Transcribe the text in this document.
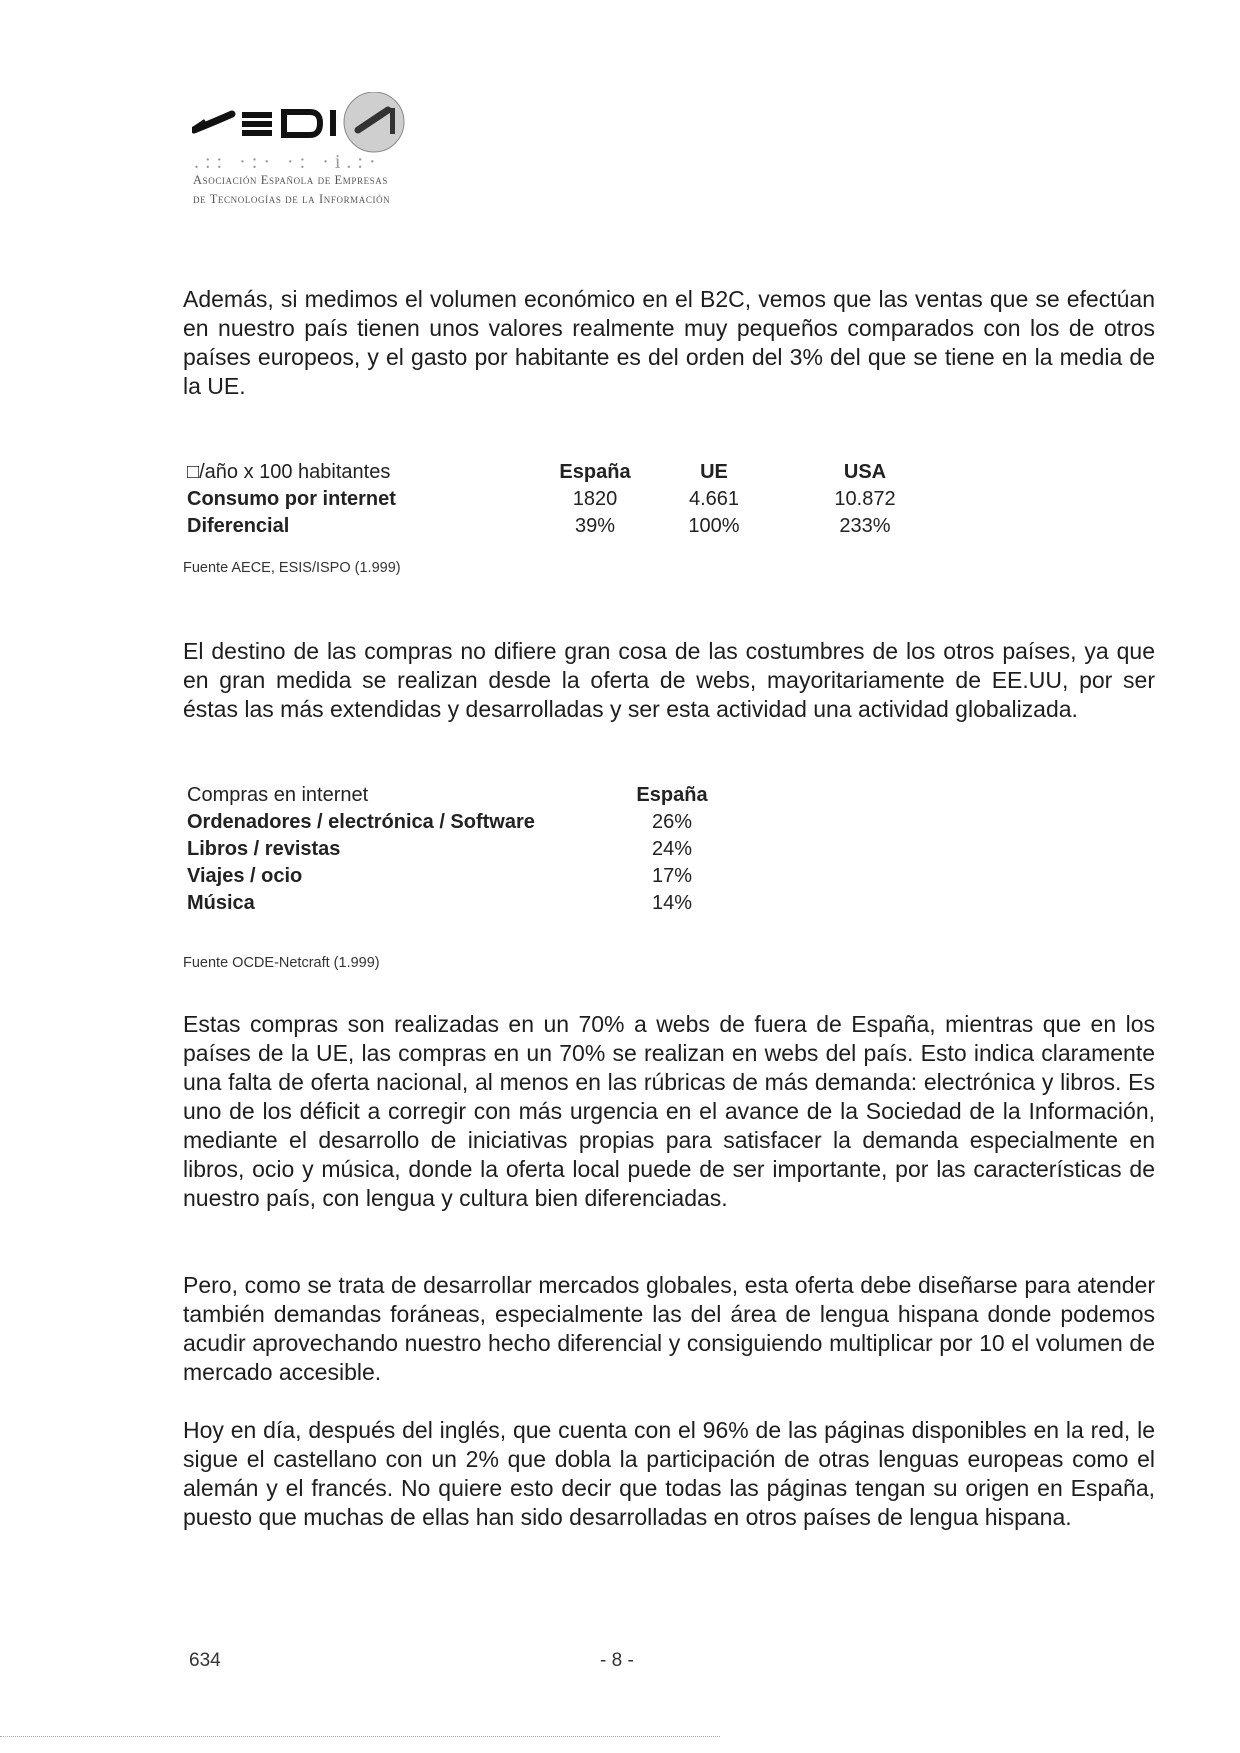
.:: ·:· ·: ·i.:·
Asociación Española de Empresas
de Tecnologías de la Información

Además, si medimos el volumen económico en el B2C, vemos que las ventas que se efectúan en nuestro país tienen unos valores realmente muy pequeños comparados con los de otros países europeos, y el gasto por habitante es del orden del 3% del que se tiene en la media de la UE.

□/año x 100 habitantes	España	UE	USA
Consumo por internet	1820	4.661	10.872
Diferencial	39%	100%	233%
Fuente AECE, ESIS/ISPO (1.999)

El destino de las compras no difiere gran cosa de las costumbres de los otros países, ya que en gran medida se realizan desde la oferta de webs, mayoritariamente de EE.UU, por ser éstas las más extendidas y desarrolladas y ser esta actividad una actividad globalizada.

Compras en internet	España
Ordenadores / electrónica / Software	26%
Libros / revistas	24%
Viajes / ocio	17%
Música	14%
Fuente OCDE-Netcraft (1.999)

Estas compras son realizadas en un 70% a webs de fuera de España, mientras que en los países de la UE, las compras en un 70% se realizan en webs del país. Esto indica claramente una falta de oferta nacional, al menos en las rúbricas de más demanda: electrónica y libros. Es uno de los déficit a corregir con más urgencia en el avance de la Sociedad de la Información, mediante el desarrollo de iniciativas propias para satisfacer la demanda especialmente en libros, ocio y música, donde la oferta local puede de ser importante, por las características de nuestro país, con lengua y cultura bien diferenciadas.

Pero, como se trata de desarrollar mercados globales, esta oferta debe diseñarse para atender también demandas foráneas, especialmente las del área de lengua hispana donde podemos acudir aprovechando nuestro hecho diferencial y consiguiendo multiplicar por 10 el volumen de mercado accesible.

Hoy en día, después del inglés, que cuenta con el 96% de las páginas disponibles en la red, le sigue el castellano con un 2% que dobla la participación de otras lenguas europeas como el alemán y el francés. No quiere esto decir que todas las páginas tengan su origen en España, puesto que muchas de ellas han sido desarrolladas en otros países de lengua hispana.

634	- 8 -
